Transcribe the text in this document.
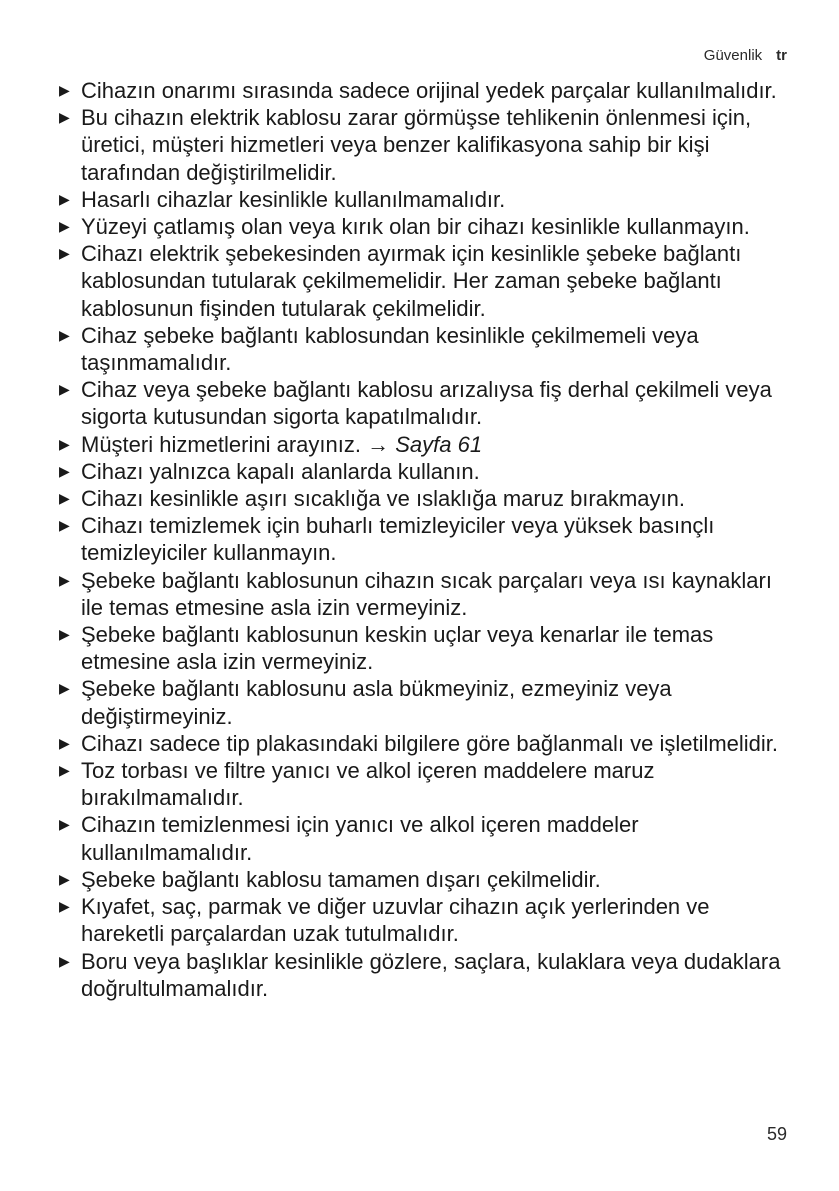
Güvenlik tr
▶ Cihazın onarımı sırasında sadece orijinal yedek parçalar kullanılmalıdır.
▶ Bu cihazın elektrik kablosu zarar görmüşse tehlikenin önlenmesi için, üretici, müşteri hizmetleri veya benzer kalifikasyona sahip bir kişi tarafından değiştirilmelidir.
▶ Hasarlı cihazlar kesinlikle kullanılmamalıdır.
▶ Yüzeyi çatlamış olan veya kırık olan bir cihazı kesinlikle kullanmayın.
▶ Cihazı elektrik şebekesinden ayırmak için kesinlikle şebeke bağlantı kablosundan tutularak çekilmemelidir. Her zaman şebeke bağlantı kablosunun fişinden tutularak çekilmelidir.
▶ Cihaz şebeke bağlantı kablosundan kesinlikle çekilmemeli veya taşınmamalıdır.
▶ Cihaz veya şebeke bağlantı kablosu arızalıysa fiş derhal çekilmeli veya sigorta kutusundan sigorta kapatılmalıdır.
▶ Müşteri hizmetlerini arayınız. → Sayfa 61
▶ Cihazı yalnızca kapalı alanlarda kullanın.
▶ Cihazı kesinlikle aşırı sıcaklığa ve ıslaklığa maruz bırakmayın.
▶ Cihazı temizlemek için buharlı temizleyiciler veya yüksek basınçlı temizleyiciler kullanmayın.
▶ Şebeke bağlantı kablosunun cihazın sıcak parçaları veya ısı kaynakları ile temas etmesine asla izin vermeyiniz.
▶ Şebeke bağlantı kablosunun keskin uçlar veya kenarlar ile temas etmesine asla izin vermeyiniz.
▶ Şebeke bağlantı kablosunu asla bükmeyiniz, ezmeyiniz veya değiştirmeyiniz.
▶ Cihazı sadece tip plakasındaki bilgilere göre bağlanmalı ve işletilmelidir.
▶ Toz torbası ve filtre yanıcı ve alkol içeren maddelere maruz bırakılmamalıdır.
▶ Cihazın temizlenmesi için yanıcı ve alkol içeren maddeler kullanılmamalıdır.
▶ Şebeke bağlantı kablosu tamamen dışarı çekilmelidir.
▶ Kıyafet, saç, parmak ve diğer uzuvlar cihazın açık yerlerinden ve hareketli parçalardan uzak tutulmalıdır.
▶ Boru veya başlıklar kesinlikle gözlere, saçlara, kulaklara veya dudaklara doğrultulmamalıdır.
59
